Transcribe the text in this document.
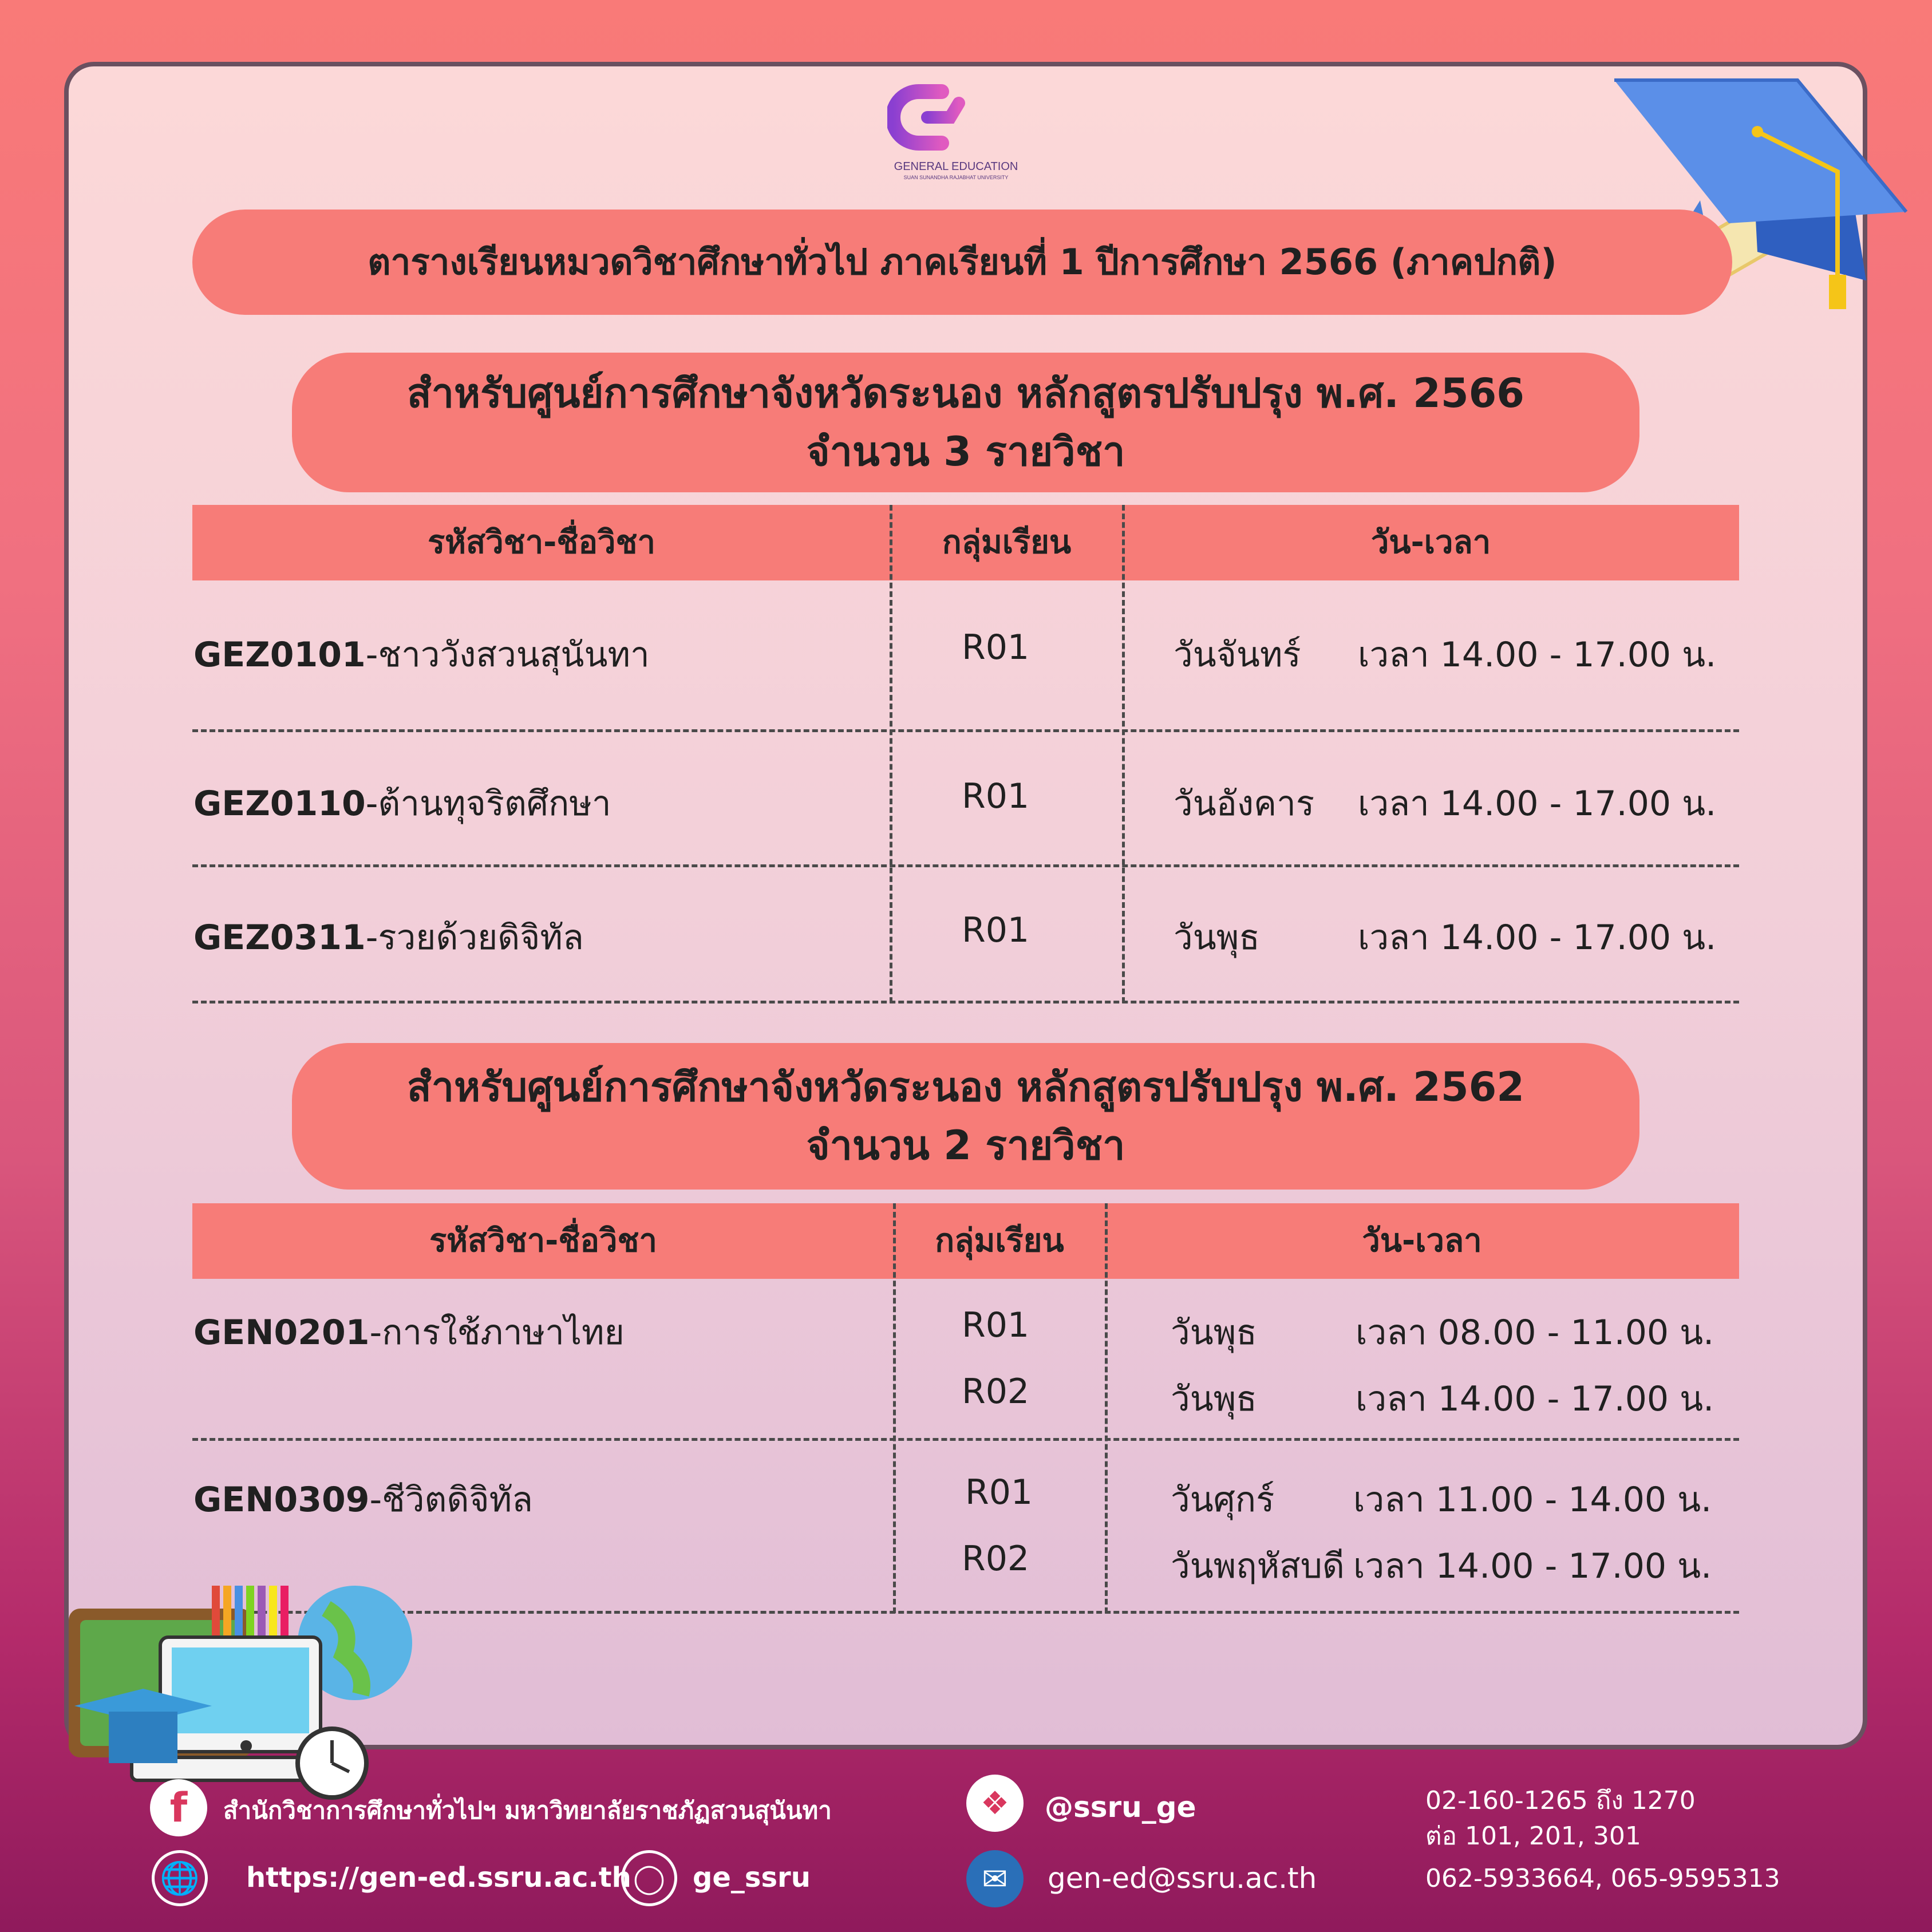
GENERAL EDUCATION
SUAN SUNANDHA RAJABHAT UNIVERSITY
ตารางเรียนหมวดวิชาศึกษาทั่วไป ภาคเรียนที่ 1 ปีการศึกษา 2566 (ภาคปกติ)
สำหรับศูนย์การศึกษาจังหวัดระนอง หลักสูตรปรับปรุง พ.ศ. 2566
จำนวน 3 รายวิชา
รหัสวิชา-ชื่อวิชา	กลุ่มเรียน	วัน-เวลา
GEZ0101-ชาววังสวนสุนันทา	R01	วันจันทร์ เวลา 14.00 - 17.00 น.
GEZ0110-ต้านทุจริตศึกษา	R01	วันอังคาร เวลา 14.00 - 17.00 น.
GEZ0311-รวยด้วยดิจิทัล	R01	วันพุธ	เวลา 14.00 - 17.00 น.
สำหรับศูนย์การศึกษาจังหวัดระนอง หลักสูตรปรับปรุง พ.ศ. 2562
จำนวน 2 รายวิชา
รหัสวิชา-ชื่อวิชา	กลุ่มเรียน	วัน-เวลา
GEN0201-การใช้ภาษาไทย	R01	วันพุธ	เวลา 08.00 - 11.00 น.
R02	วันพุธ	เวลา 14.00 - 17.00 น.
GEN0309-ชีวิตดิจิทัล	R01	วันศุกร์ เวลา 11.00 - 14.00 น.
R02	วันพฤหัสบดี เวลา 14.00 - 17.00 น.
f	สำนักวิชาการศึกษาทั่วไปฯ มหาวิทยาลัยราชภัฏสวนสุนันทา
🌐 https://gen-ed.ssru.ac.th ◯	ge_ssru
❖	@ssru_ge
✉	gen-ed@ssru.ac.th
02-160-1265 ถึง 1270
ต่อ 101, 201, 301
062-5933664, 065-9595313
